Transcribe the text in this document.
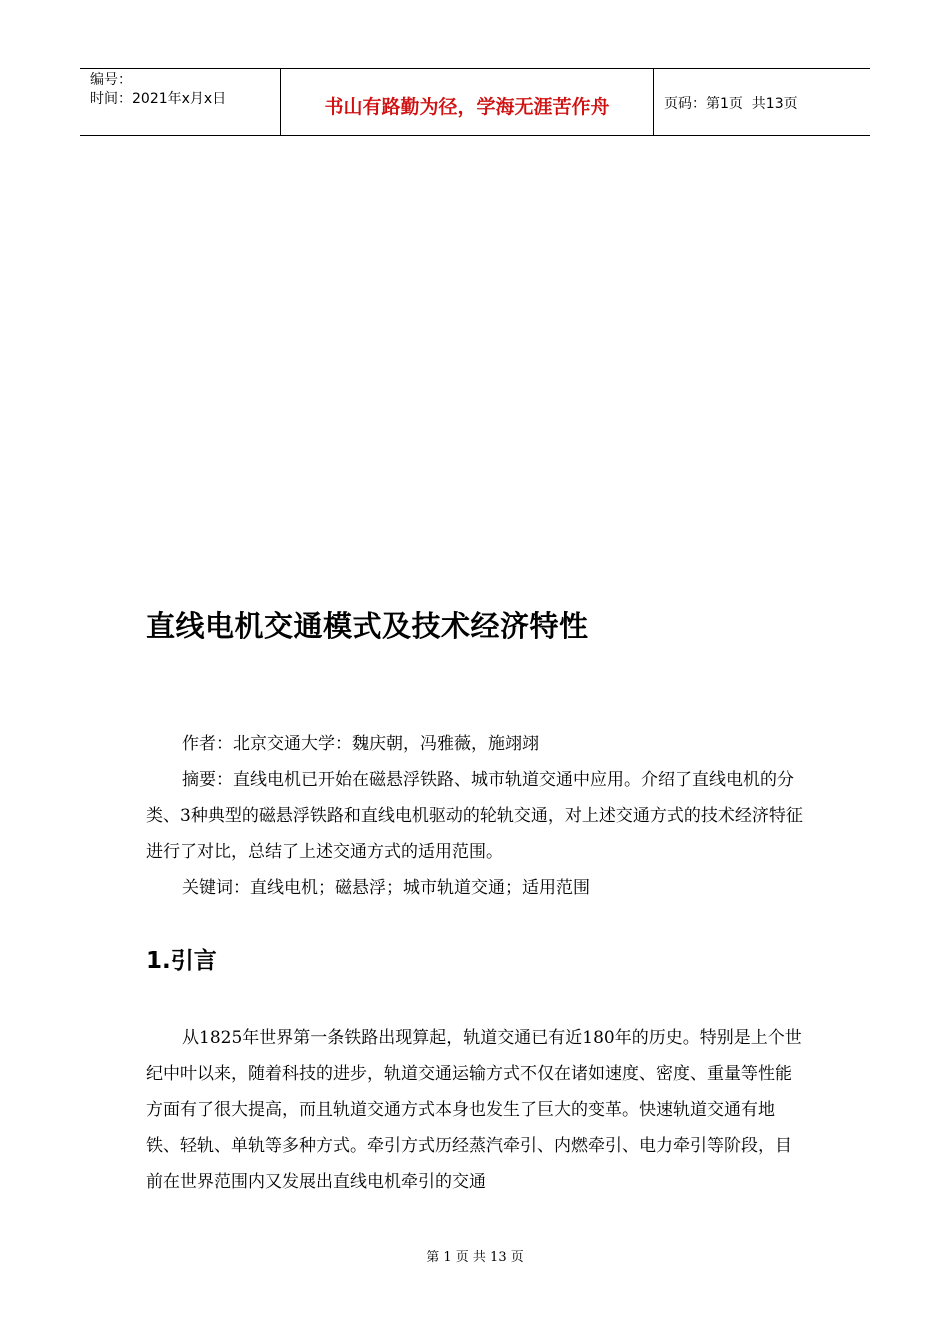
编号：
时间：2021年x月x日	书山有路勤为径，学海无涯苦作舟	页码：第1页  共13页
直线电机交通模式及技术经济特性

作者：北京交通大学：魏庆朝，冯雅薇，施翊翊

摘要：直线电机已开始在磁悬浮铁路、城市轨道交通中应用。介绍了直线电机的分类、3种典型的磁悬浮铁路和直线电机驱动的轮轨交通，对上述交通方式的技术经济特征进行了对比，总结了上述交通方式的适用范围。

关键词：直线电机；磁悬浮；城市轨道交通；适用范围

1.引言

从1825年世界第一条铁路出现算起，轨道交通已有近180年的历史。特别是上个世纪中叶以来，随着科技的进步，轨道交通运输方式不仅在诸如速度、密度、重量等性能方面有了很大提高，而且轨道交通方式本身也发生了巨大的变革。快速轨道交通有地铁、轻轨、单轨等多种方式。牵引方式历经蒸汽牵引、内燃牵引、电力牵引等阶段，目前在世界范围内又发展出直线电机牵引的交通

第 1 页 共 13 页
